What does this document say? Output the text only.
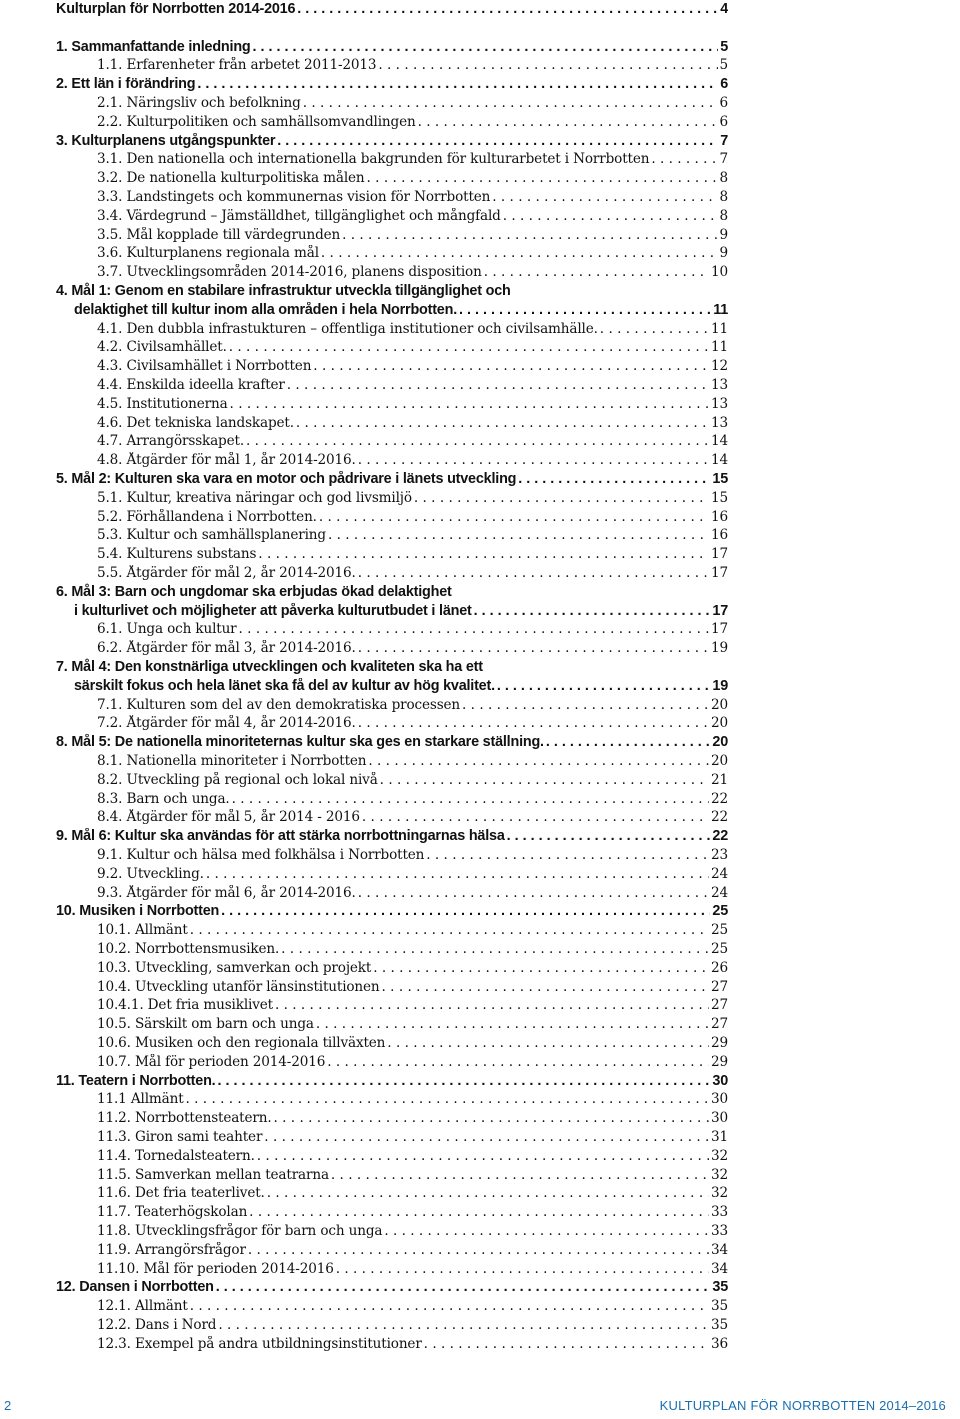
Kulturplan för Norrbotten 2014-2016 . . .	4
1. Sammanfattande inledning . . .	5
1.1. Erfarenheter från arbetet 2011-2013 . . .	5
2. Ett län i förändring . . .	6
2.1. Näringsliv och befolkning . . .	6
2.2. Kulturpolitiken och samhällsomvandlingen . . .	6
3. Kulturplanens utgångspunkter . . .	7
3.1. Den nationella och internationella bakgrunden för kulturarbetet i Norrbotten . . .	7
3.2. De nationella kulturpolitiska målen . . .	8
3.3. Landstingets och kommunernas vision för Norrbotten . . .	8
3.4. Värdegrund – Jämställdhet, tillgänglighet och mångfald . . .	8
3.5. Mål kopplade till värdegrunden . . .	9
3.6. Kulturplanens regionala mål . . .	9
3.7. Utvecklingsområden 2014-2016, planens disposition . . .	10
4. Mål 1: Genom en stabilare infrastruktur utveckla tillgänglighet och
delaktighet till kultur inom alla områden i hela Norrbotten. . . .	11
4.1. Den dubbla infrastukturen – offentliga institutioner och civilsamhälle. . . .	11
4.2. Civilsamhället. . . .	11
4.3. Civilsamhället i Norrbotten . . .	12
4.4. Enskilda ideella krafter . . .	13
4.5. Institutionerna . . .	13
4.6. Det tekniska landskapet. . . .	13
4.7. Arrangörsskapet. . . .	14
4.8. Åtgärder för mål 1, år 2014-2016. . . .	14
5. Mål 2: Kulturen ska vara en motor och pådrivare i länets utveckling . . .	15
5.1. Kultur, kreativa näringar och god livsmiljö . . .	15
5.2. Förhållandena i Norrbotten. . . .	16
5.3. Kultur och samhällsplanering . . .	16
5.4. Kulturens substans . . .	17
5.5. Åtgärder för mål 2, år 2014-2016. . . .	17
6. Mål 3: Barn och ungdomar ska erbjudas ökad delaktighet
i kulturlivet och möjligheter att påverka kulturutbudet i länet . . .	17
6.1. Unga och kultur . . .	17
6.2. Åtgärder för mål 3, år 2014-2016. . . .	19
7. Mål 4: Den konstnärliga utvecklingen och kvaliteten ska ha ett
särskilt fokus och hela länet ska få del av kultur av hög kvalitet. . . .	19
7.1. Kulturen som del av den demokratiska processen . . .	20
7.2. Åtgärder för mål 4, år 2014-2016. . . .	20
8. Mål 5: De nationella minoriteternas kultur ska ges en starkare ställning. . . .	20
8.1. Nationella minoriteter i Norrbotten . . .	20
8.2. Utveckling på regional och lokal nivå . . .	21
8.3. Barn och unga. . . .	22
8.4. Åtgärder för mål 5, år 2014 - 2016 . . .	22
9. Mål 6: Kultur ska användas för att stärka norrbottningarnas hälsa . . .	22
9.1. Kultur och hälsa med folkhälsa i Norrbotten . . .	23
9.2. Utveckling. . . .	24
9.3. Åtgärder för mål 6, år 2014-2016. . . .	24
10. Musiken i Norrbotten . . .	25
10.1. Allmänt . . .	25
10.2. Norrbottensmusiken. . . .	25
10.3. Utveckling, samverkan och projekt . . .	26
10.4. Utveckling utanför länsinstitutionen . . .	27
10.4.1. Det fria musiklivet . . .	27
10.5. Särskilt om barn och unga . . .	27
10.6. Musiken och den regionala tillväxten . . .	29
10.7. Mål för perioden 2014-2016 . . .	29
11. Teatern i Norrbotten. . . .	30
11.1 Allmänt . . .	30
11.2. Norrbottensteatern. . . .	30
11.3. Giron sami teahter . . .	31
11.4. Tornedalsteatern. . . .	32
11.5. Samverkan mellan teatrarna . . .	32
11.6. Det fria teaterlivet. . . .	32
11.7. Teaterhögskolan . . .	33
11.8. Utvecklingsfrågor för barn och unga . . .	33
11.9. Arrangörsfrågor . . .	34
11.10. Mål för perioden 2014-2016 . . .	34
12. Dansen i Norrbotten . . .	35
12.1. Allmänt . . .	35
12.2. Dans i Nord . . .	35
12.3. Exempel på andra utbildningsinstitutioner . . .	36
2	KULTURPLAN FÖR NORRBOTTEN 2014–2016
